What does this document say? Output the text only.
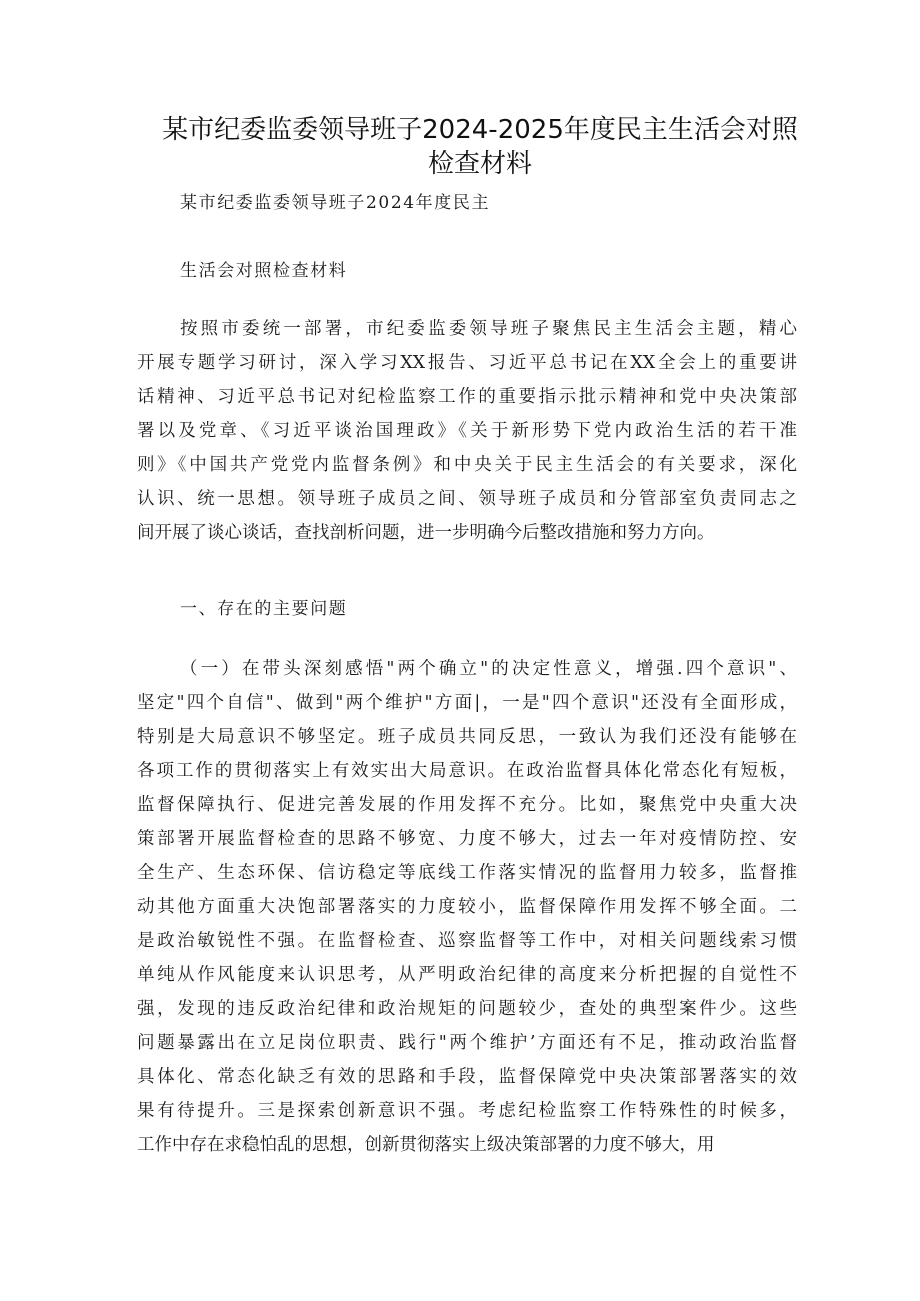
某市纪委监委领导班子2024-2025年度民主生活会对照
检查材料

某市纪委监委领导班子2024年度民主

生活会对照检查材料

按照市委统一部署，市纪委监委领导班子聚焦民主生活会主题，精心
开展专题学习研讨，深入学习XX报告、习近平总书记在XX全会上的重要讲
话精神、习近平总书记对纪检监察工作的重要指示批示精神和党中央决策部
署以及党章、《习近平谈治国理政》《关于新形势下党内政治生活的若干准
则》《中国共产党党内监督条例》和中央关于民主生活会的有关要求，深化
认识、统一思想。领导班子成员之间、领导班子成员和分管部室负责同志之
间开展了谈心谈话，查找剖析问题，进一步明确今后整改措施和努力方向。

一、存在的主要问题

（一）在带头深刻感悟"两个确立"的决定性意义，增强.四个意识"、
坚定"四个自信"、做到"两个维护"方面|，一是"四个意识"还没有全面形成，
特别是大局意识不够坚定。班子成员共同反思，一致认为我们还没有能够在
各项工作的贯彻落实上有效实出大局意识。在政治监督具体化常态化有短板，
监督保障执行、促进完善发展的作用发挥不充分。比如，聚焦党中央重大决
策部署开展监督检查的思路不够宽、力度不够大，过去一年对疫情防控、安
全生产、生态环保、信访稳定等底线工作落实情况的监督用力较多，监督推
动其他方面重大决饱部署落实的力度较小，监督保障作用发挥不够全面。二
是政治敏锐性不强。在监督检查、巡察监督等工作中，对相关问题线索习惯
单纯从作风能度来认识思考，从严明政治纪律的高度来分析把握的自觉性不
强，发现的违反政治纪律和政治规矩的问题较少，查处的典型案件少。这些
问题暴露出在立足岗位职责、践行"两个维护’方面还有不足，推动政治监督
具体化、常态化缺乏有效的思路和手段，监督保障党中央决策部署落实的效
果有待提升。三是探索创新意识不强。考虑纪检监察工作特殊性的时候多，
工作中存在求稳怕乱的思想，创新贯彻落实上级决策部署的力度不够大，用
